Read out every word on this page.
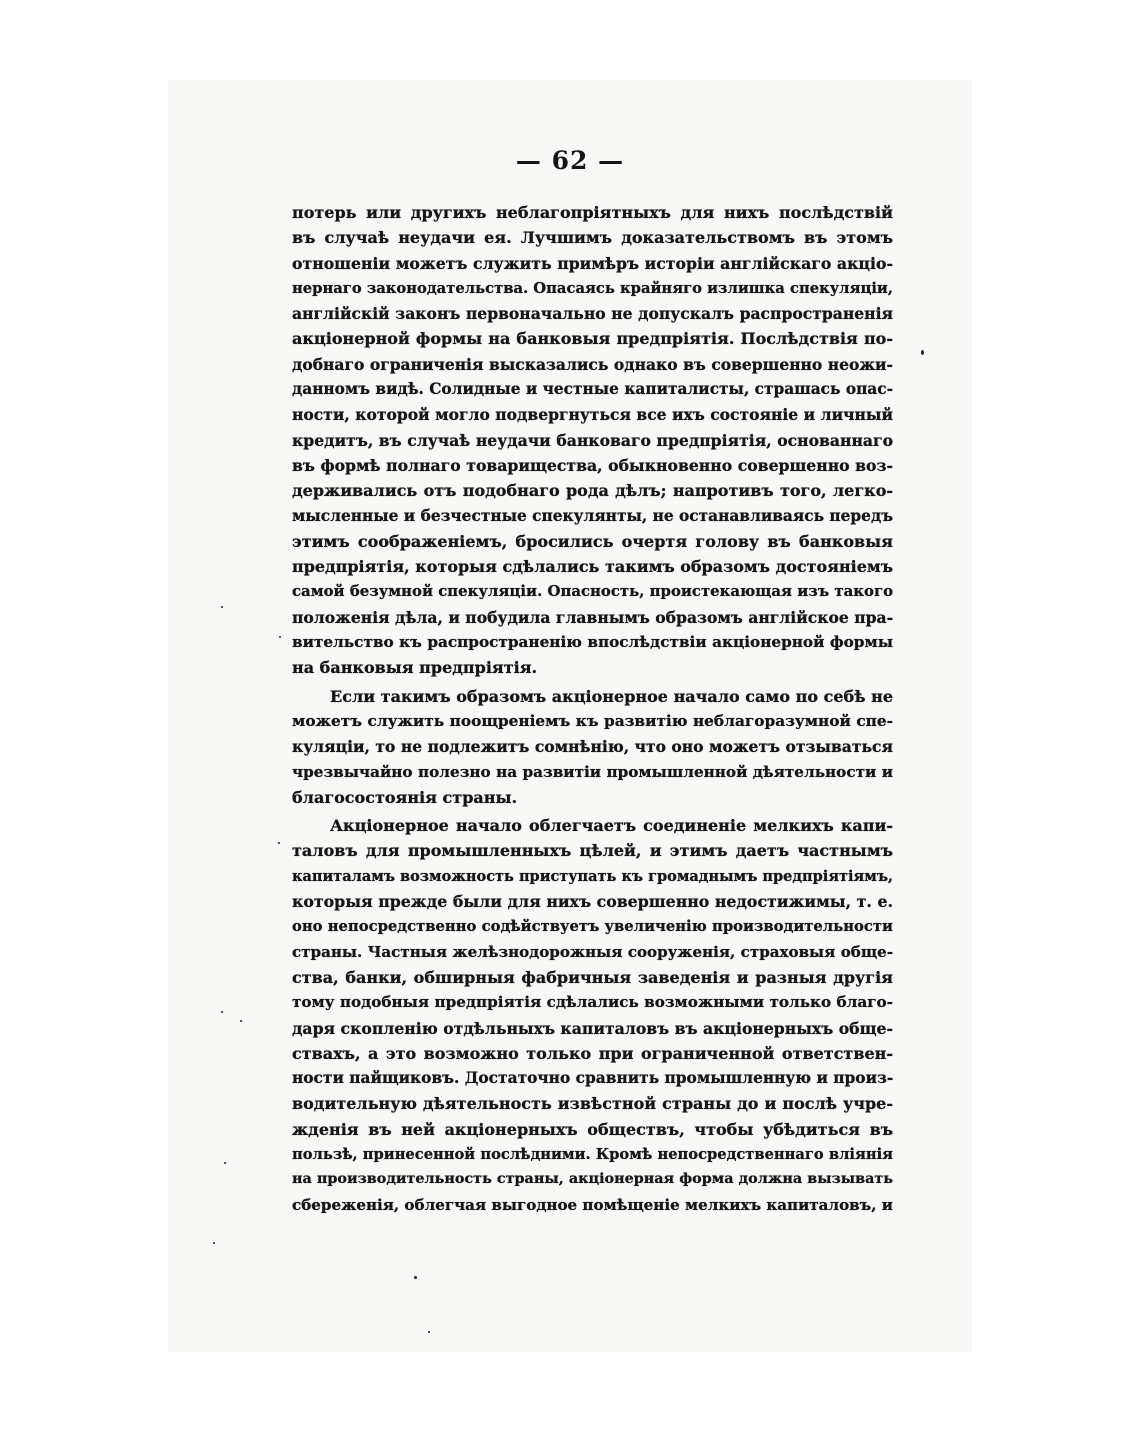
— 62 —
потерь или другихъ неблагопріятныхъ для нихъ послѣдствій
въ случаѣ неудачи ея. Лучшимъ доказательствомъ въ этомъ
отношеніи можетъ служить примѣръ исторіи англійскаго акціо-
нернаго законодательства. Опасаясь крайняго излишка спекуляціи,
англійскій законъ первоначально не допускалъ распространенія
акціонерной формы на банковыя предпріятія. Послѣдствія по-
добнаго ограниченія высказались однако въ совершенно неожи-
данномъ видѣ. Солидные и честные капиталисты, страшась опас-
ности, которой могло подвергнуться все ихъ состояніе и личный
кредитъ, въ случаѣ неудачи банковаго предпріятія, основаннаго
въ формѣ полнаго товарищества, обыкновенно совершенно воз-
держивались отъ подобнаго рода дѣлъ; напротивъ того, легко-
мысленные и безчестные спекулянты, не останавливаясь передъ
этимъ соображеніемъ, бросились очертя голову въ банковыя
предпріятія, которыя сдѣлались такимъ образомъ достояніемъ
самой безумной спекуляціи. Опасность, проистекающая изъ такого
положенія дѣла, и побудила главнымъ образомъ англійское пра-
вительство къ распространенію впослѣдствіи акціонерной формы
на банковыя предпріятія.
Если такимъ образомъ акціонерное начало само по себѣ не
можетъ служить поощреніемъ къ развитію неблагоразумной спе-
куляціи, то не подлежитъ сомнѣнію, что оно можетъ отзываться
чрезвычайно полезно на развитіи промышленной дѣятельности и
благосостоянія страны.
Акціонерное начало облегчаетъ соединеніе мелкихъ капи-
таловъ для промышленныхъ цѣлей, и этимъ даетъ частнымъ
капиталамъ возможность приступать къ громаднымъ предпріятіямъ,
которыя прежде были для нихъ совершенно недостижимы, т. е.
оно непосредственно содѣйствуетъ увеличенію производительности
страны. Частныя желѣзнодорожныя сооруженія, страховыя обще-
ства, банки, обширныя фабричныя заведенія и разныя другія
тому подобныя предпріятія сдѣлались возможными только благо-
даря скопленію отдѣльныхъ капиталовъ въ акціонерныхъ обще-
ствахъ, а это возможно только при ограниченной ответствен-
ности пайщиковъ. Достаточно сравнить промышленную и произ-
водительную дѣятельность извѣстной страны до и послѣ учре-
жденія въ ней акціонерныхъ обществъ, чтобы убѣдиться въ
пользѣ, принесенной послѣдними. Кромѣ непосредственнаго вліянія
на производительность страны, акціонерная форма должна вызывать
сбереженія, облегчая выгодное помѣщеніе мелкихъ капиталовъ, и
